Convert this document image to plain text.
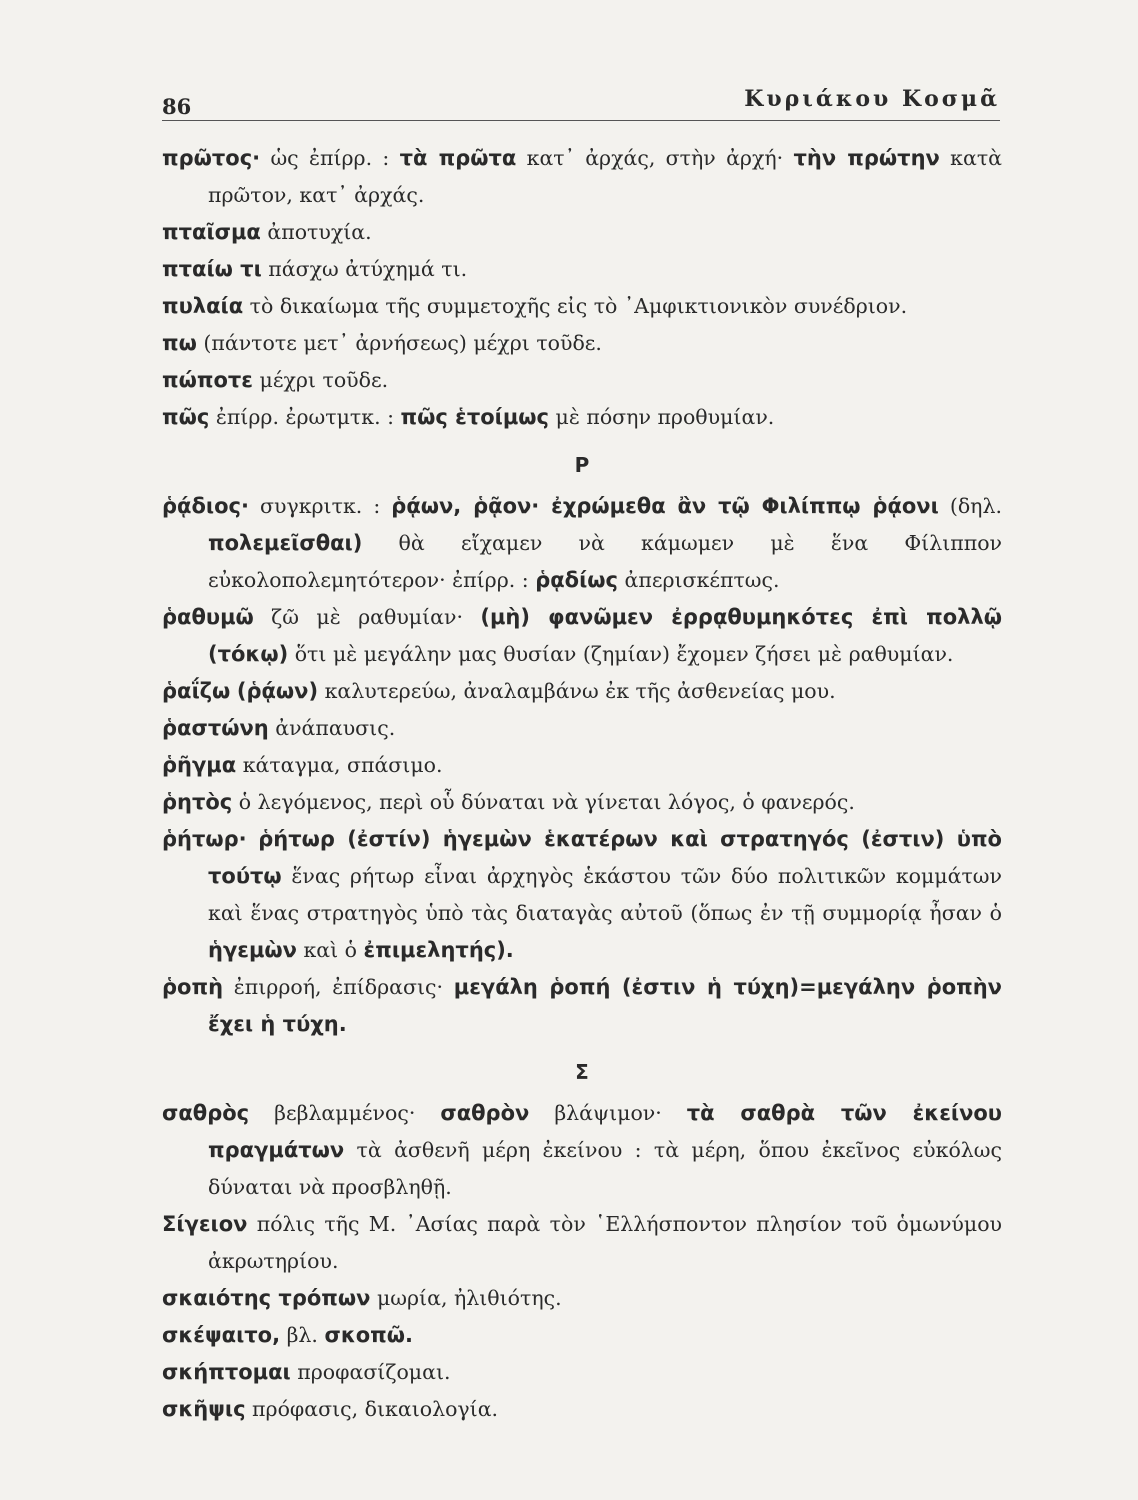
86	Κυριάκου Κοσμᾶ
πρῶτος· ὡς ἐπίρρ. : τὰ πρῶτα κατ᾽ ἀρχάς, στὴν ἀρχή· τὴν πρώτην κατὰ πρῶτον, κατ᾽ ἀρχάς.
πταῖσμα ἀποτυχία.
πταίω τι πάσχω ἀτύχημά τι.
πυλαία τὸ δικαίωμα τῆς συμμετοχῆς εἰς τὸ ᾿Αμφικτιονικὸν συνέδριον.
πω (πάντοτε μετ᾽ ἀρνήσεως) μέχρι τοῦδε.
πώποτε μέχρι τοῦδε.
πῶς ἐπίρρ. ἐρωτμτκ. : πῶς ἑτοίμως μὲ πόσην προθυμίαν.
Ρ
ῥᾴδιος· συγκριτκ. : ῥᾴων, ῥᾷον· ἐχρώμεθα ἂν τῷ Φιλίππῳ ῥᾴονι (δηλ. πολεμεῖσθαι) θὰ εἴχαμεν νὰ κάμωμεν μὲ ἕνα Φίλιππον εὐκολοπολεμητότερον· ἐπίρρ. : ῥᾳδίως ἀπερισκέπτως.
ῥαθυμῶ ζῶ μὲ ραθυμίαν· (μὴ) φανῶμεν ἐρρᾳθυμηκότες ἐπὶ πολλῷ (τόκῳ) ὅτι μὲ μεγάλην μας θυσίαν (ζημίαν) ἔχομεν ζήσει μὲ ραθυμίαν.
ῥαΐζω (ῥᾴων) καλυτερεύω, ἀναλαμβάνω ἐκ τῆς ἀσθενείας μου.
ῥαστώνη ἀνάπαυσις.
ῥῆγμα κάταγμα, σπάσιμο.
ῥητὸς ὁ λεγόμενος, περὶ οὗ δύναται νὰ γίνεται λόγος, ὁ φανερός.
ῥήτωρ· ῥήτωρ (ἐστίν) ἡγεμὼν ἑκατέρων καὶ στρατηγός (ἐστιν) ὑπὸ τούτῳ ἕνας ρήτωρ εἶναι ἀρχηγὸς ἑκάστου τῶν δύο πολιτικῶν κομμάτων καὶ ἕνας στρατηγὸς ὑπὸ τὰς διαταγὰς αὐτοῦ (ὅπως ἐν τῇ συμμορίᾳ ἦσαν ὁ ἡγεμὼν καὶ ὁ ἐπιμελητής).
ῥοπὴ ἐπιρροή, ἐπίδρασις· μεγάλη ῥοπή (ἐστιν ἡ τύχη)=μεγάλην ῥοπὴν ἔχει ἡ τύχη.
Σ
σαθρὸς βεβλαμμένος· σαθρὸν βλάψιμον· τὰ σαθρὰ τῶν ἐκείνου πραγμάτων τὰ ἀσθενῆ μέρη ἐκείνου : τὰ μέρη, ὅπου ἐκεῖνος εὐκόλως δύναται νὰ προσβληθῇ.
Σίγειον πόλις τῆς Μ. ᾿Ασίας παρὰ τὸν ῾Ελλήσποντον πλησίον τοῦ ὁμωνύμου ἀκρωτηρίου.
σκαιότης τρόπων μωρία, ἠλιθιότης.
σκέψαιτο, βλ. σκοπῶ.
σκήπτομαι προφασίζομαι.
σκῆψις πρόφασις, δικαιολογία.
